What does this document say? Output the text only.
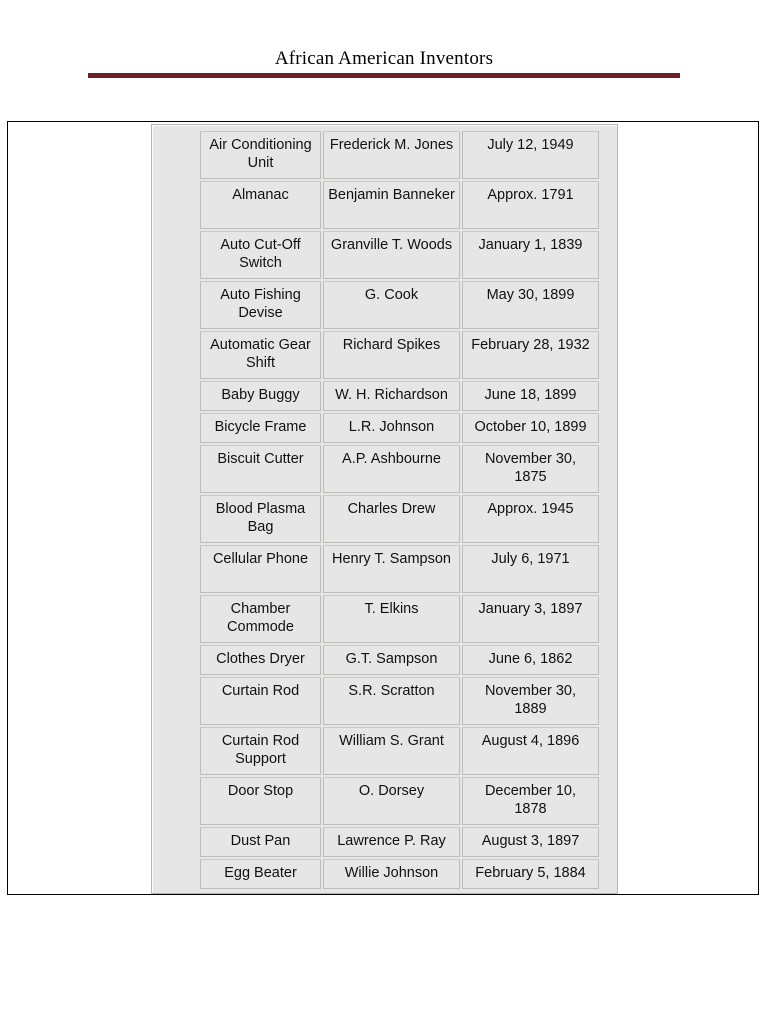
African American Inventors
Air Conditioning Unit	Frederick M. Jones	July 12, 1949
Almanac	Benjamin Banneker	Approx. 1791
Auto Cut-Off Switch	Granville T. Woods	January 1, 1839
Auto Fishing Devise	G. Cook	May 30, 1899
Automatic Gear Shift	Richard Spikes	February 28, 1932
Baby Buggy	W. H. Richardson	June 18, 1899
Bicycle Frame	L.R. Johnson	October 10, 1899
Biscuit Cutter	A.P. Ashbourne	November 30, 1875
Blood Plasma Bag	Charles Drew	Approx. 1945
Cellular Phone	Henry T. Sampson	July 6, 1971
Chamber Commode	T. Elkins	January 3, 1897
Clothes Dryer	G.T. Sampson	June 6, 1862
Curtain Rod	S.R. Scratton	November 30, 1889
Curtain Rod Support	William S. Grant	August 4, 1896
Door Stop	O. Dorsey	December 10, 1878
Dust Pan	Lawrence P. Ray	August 3, 1897
Egg Beater	Willie Johnson	February 5, 1884
